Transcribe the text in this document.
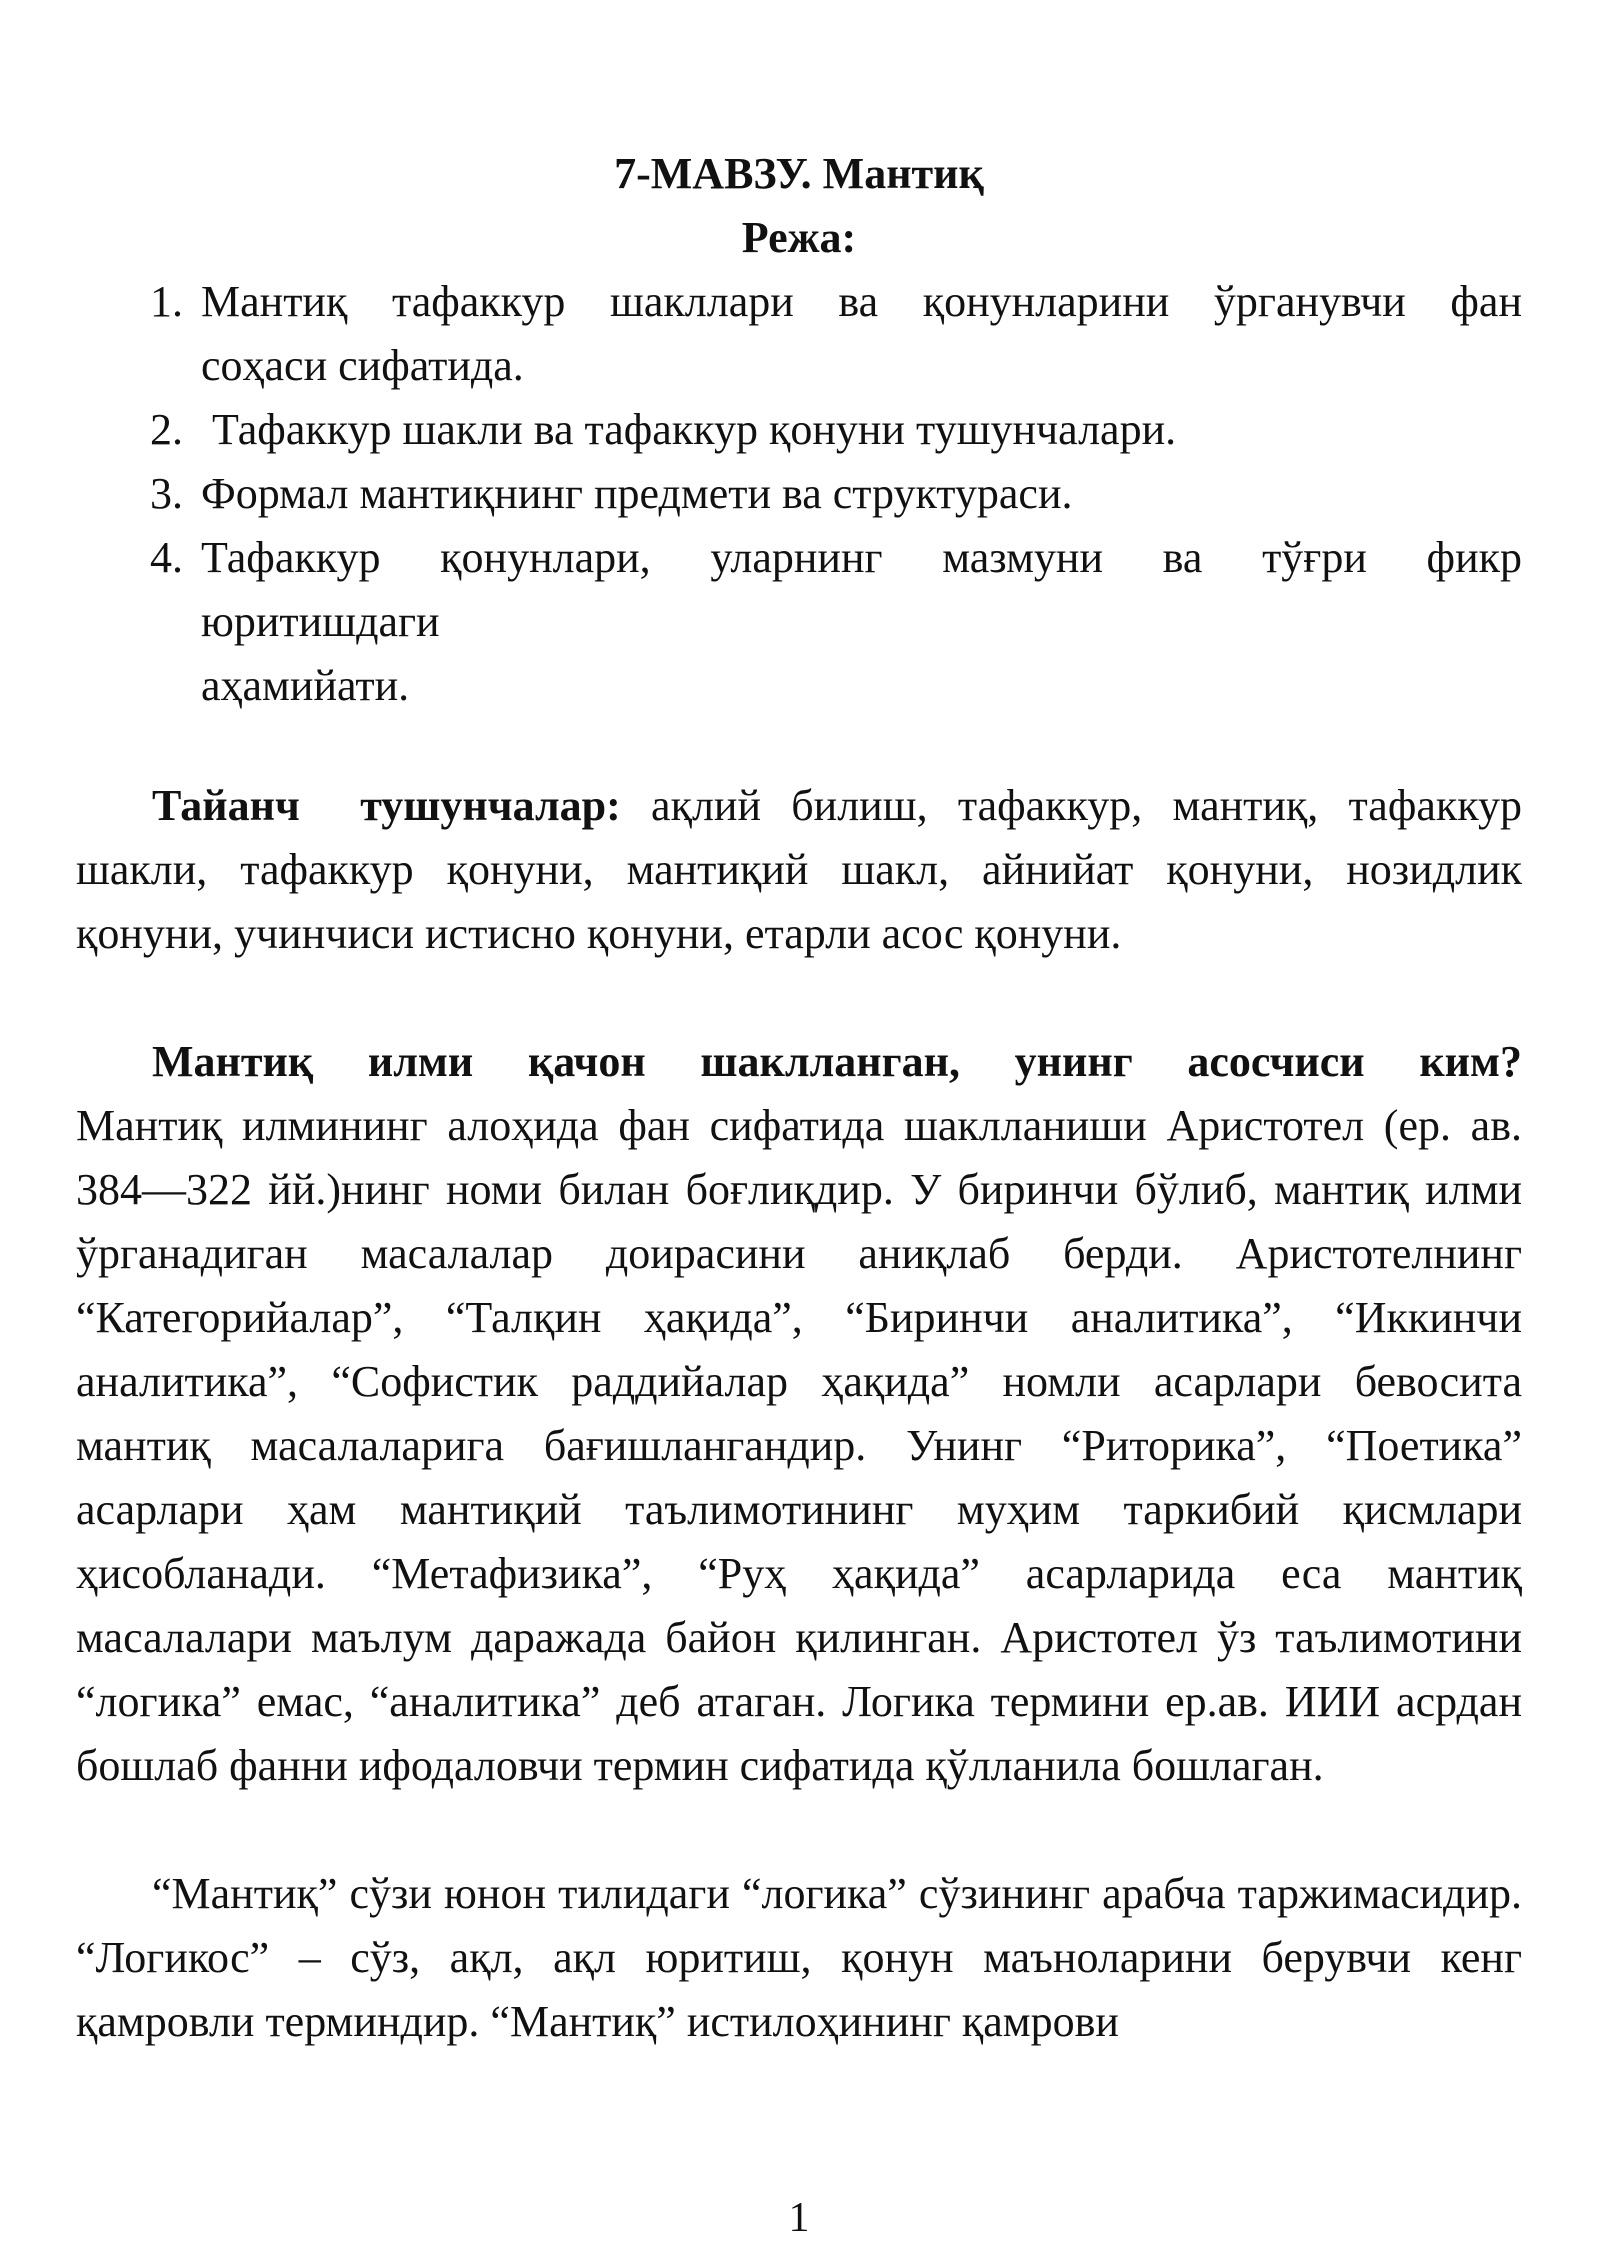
7-МАВЗУ. Мантиқ

Режа:

1. Мантиқ тафаккур шакллари ва қонунларини ўрганувчи фан
соҳаси сифатида.
2. Тафаккур шакли ва тафаккур қонуни тушунчалари.
3. Формал мантиқнинг предмети ва структураси.
4. Тафаккур қонунлари, уларнинг мазмуни ва тўғри фикр
юритишдаги
аҳамийати.

Тайанч  тушунчалар: ақлий билиш, тафаккур, мантиқ, тафаккур шакли, тафаккур қонуни, мантиқий шакл, айнийат қонуни, нозидлик қонуни, учинчиси истисно қонуни, етарли асос қонуни.

Мантиқ илми қачон шаклланган, унинг асосчиси ким?
Мантиқ илмининг алоҳида фан сифатида шаклланиши Аристотел (ер. ав. 384—322 йй.)нинг номи билан боғлиқдир. У биринчи бўлиб, мантиқ илми ўрганадиган масалалар доирасини аниқлаб берди. Аристотелнинг “Категорийалар”, “Талқин ҳақида”, “Биринчи аналитика”, “Иккинчи аналитика”, “Софистик раддийалар ҳақида” номли асарлари бевосита мантиқ масалаларига бағишлангандир. Унинг “Риторика”, “Поетика” асарлари ҳам мантиқий таълимотининг муҳим таркибий қисмлари ҳисобланади. “Метафизика”, “Руҳ ҳақида” асарларида еса мантиқ масалалари маълум даражада байон қилинган. Аристотел ўз таълимотини “логика” емас, “аналитика” деб атаган. Логика термини ер.ав. ИИИ асрдан бошлаб фанни ифодаловчи термин сифатида қўлланила бошлаган.

“Мантиқ” сўзи юнон тилидаги “логика” сўзининг арабча таржимасидир. “Логикос” – сўз, ақл, ақл юритиш, қонун маъноларини берувчи кенг қамровли терминдир. “Мантиқ” истилоҳининг қамрови

1
